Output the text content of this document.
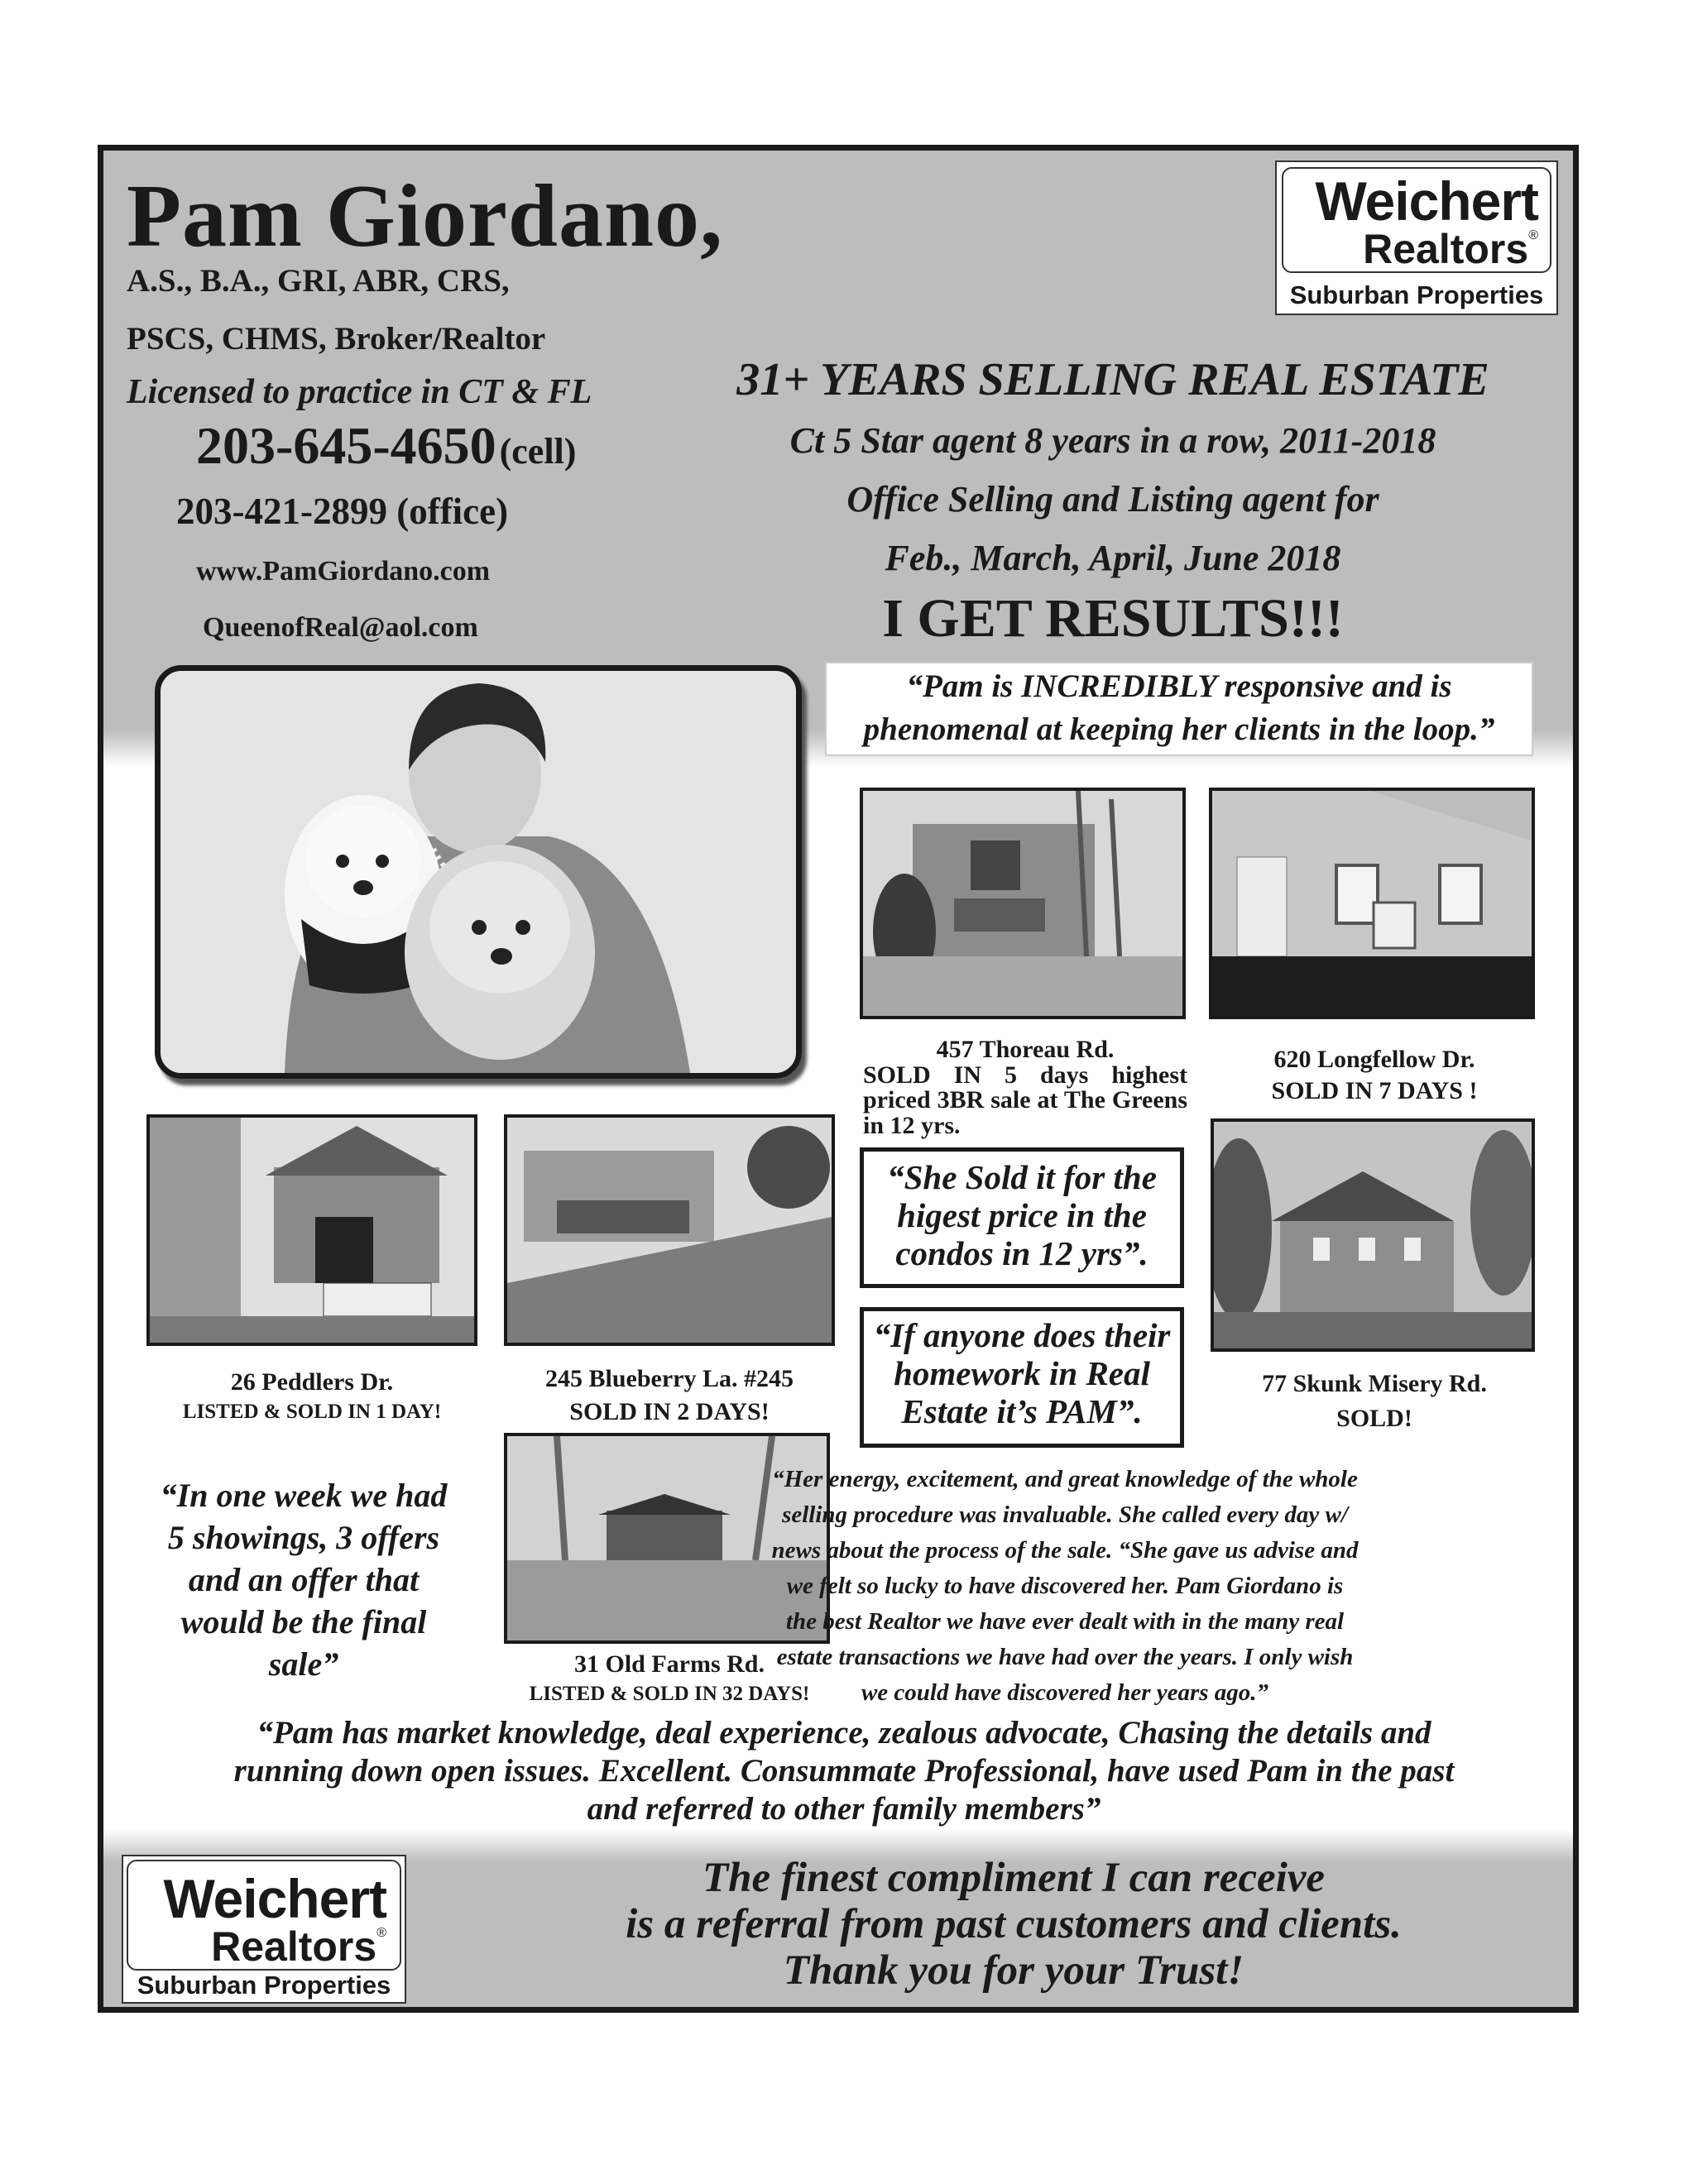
Pam Giordano,
A.S., B.A., GRI, ABR, CRS,
PSCS, CHMS, Broker/Realtor
Licensed to practice in CT & FL
203-645-4650 (cell)
203-421-2899 (office)
www.PamGiordano.com
QueenofReal@aol.com
Weichert
Realtors®
Suburban Properties
31+ YEARS SELLING REAL ESTATE
Ct 5 Star agent 8 years in a row, 2011-2018
Office Selling and Listing agent for
Feb., March, April, June 2018
I GET RESULTS!!!
“Pam is INCREDIBLY responsive and is
phenomenal at keeping her clients in the loop.”
457 Thoreau Rd.
SOLD IN 5 days highest priced 3BR sale at The Greens in 12 yrs.
620 Longfellow Dr.
SOLD IN 7 DAYS !
26 Peddlers Dr.
LISTED & SOLD IN 1 DAY!
245 Blueberry La. #245
SOLD IN 2 DAYS!
“She Sold it for the higest price in the condos in 12 yrs”.
“If anyone does their homework in Real Estate it’s PAM”.
77 Skunk Misery Rd.
SOLD!
“In one week we had
5 showings, 3 offers
and an offer that
would be the final
sale”	31 Old Farms Rd.
LISTED & SOLD IN 32 DAYS!
“Her energy, excitement, and great knowledge of the whole
selling procedure was invaluable. She called every day w/
news about the process of the sale. “She gave us advise and
we felt so lucky to have discovered her. Pam Giordano is
the best Realtor we have ever dealt with in the many real
estate transactions we have had over the years. I only wish
we could have discovered her years ago.”
“Pam has market knowledge, deal experience, zealous advocate, Chasing the details and
running down open issues. Excellent. Consummate Professional, have used Pam in the past
and referred to other family members”
Weichert
Realtors®
Suburban Properties
The finest compliment I can receive
is a referral from past customers and clients.
Thank you for your Trust!
